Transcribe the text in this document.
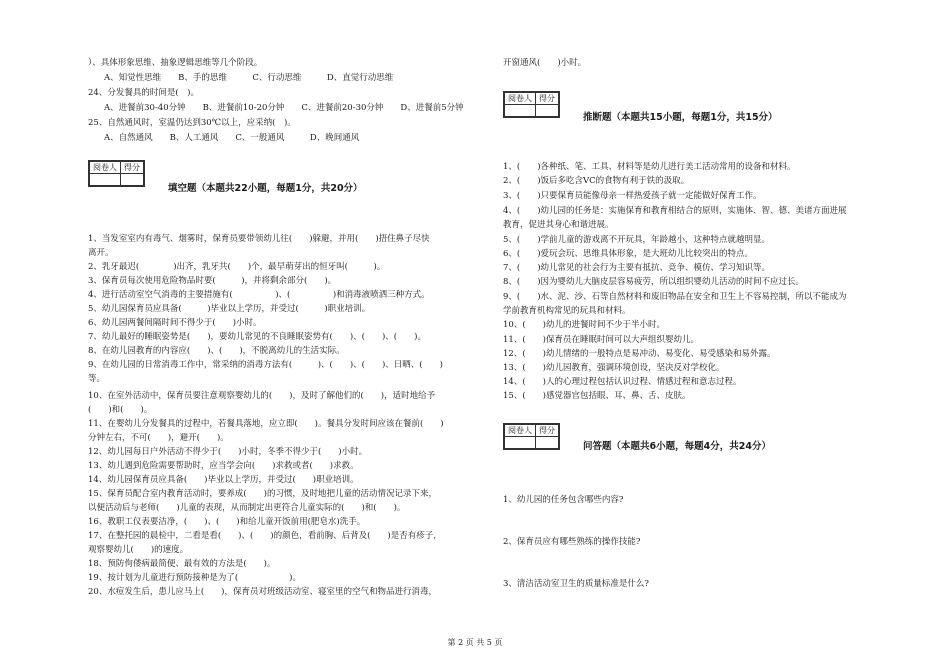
）、具体形象思维、抽象逻辑思维等几个阶段。
A、知觉性思维　　B、手的思维　　　C、行动思维　　　D、直觉行动思维
24、分发餐具的时间是(　)。
A、进餐前30-40分钟　　B、进餐前10-20分钟　　C、进餐前20-30分钟　　D、进餐前5分钟
25、自然通风时，室温仍达到30℃以上，应采纳(　)。
A、自然通风　　B、人工通风　　C、一般通风　　　D、晚间通风
阅卷人	得分

填空题（本题共22小题，每题1分，共20分）
1、当发室室内有毒气、烟雾时，保育员要带领幼儿往(　　)躲避，并用(　　)捂住鼻子尽快
离开。
2、乳牙最迟(　　　　)出齐，乳牙共(　　)个，最早萌芽出的恒牙叫(　　　)。
3、保育员每次使用危险物品时要(　　　)，并将剩余部分(　　)。
4、进行活动室空气消毒的主要措施有(　　　　　)、(　　　　　)和消毒液喷洒三种方式。
5、幼儿园保育员应具备(　　　)毕业以上学历，并受过(　　　)职业培训。
6、幼儿园两餐间隔时间不得少于(　　)小时。
7、幼儿最好的睡眠姿势是(　　)，要幼儿常见的不良睡眠姿势有(　　)、(　　)、(　　)。
8、在幼儿园教育的内容应(　　)、(　　)，不脱离幼儿的生活实际。
9、在幼儿园的日常消毒工作中，常采纳的消毒方法有(　　　)、(　　)、(　　)、日晒、(　　)
等。
10、在室外活动中，保育员要注意观察婴幼儿的(　　)，及时了解他们的(　　)，适时地给予
(　　)和(　　)。
11、在婴幼儿分发餐具的过程中，若餐具落地，应立即(　　)。餐具分发时间应该在餐前(　　)
分钟左右，不可(　　)，避开(　　)。
12、幼儿园每日户外活动不得少于(　　)小时，冬季不得少于(　　)小时。
13、幼儿遇到危险需要帮助时，应当学会向(　　)求救或者(　　)求救。
14、幼儿园保育员应具备(　　)毕业以上学历，并受过(　　)职业培训。
15、保育员配合室内教育活动时，要养成(　　)的习惯，及时地把儿童的活动情况记录下来，
以便活动后与老师(　　)儿童的表现，从而制定出更符合儿童实际的(　　)和(　　)。
16、教职工仪表要洁净，(　　)、(　　)和给儿童开饭前用(肥皂水)洗手。
17、在整托园的晨检中，二看是看(　　)、(　　)的颜色，看前胸、后背及(　　)是否有疹子，
观察婴幼儿(　　)的速度。
18、预防佝偻病最简便、最有效的方法是(　　)。
19、按计划为儿童进行预防接种是为了(　　　　　　)。
20、水痘发生后，患儿应马上(　　)，保育员对班级活动室、寝室里的空气和物品进行消毒，
开窗通风(　　)小时。
阅卷人	得分

推断题（本题共15小题，每题1分，共15分）
1、(　　)各种纸、笔、工具、材料等是幼儿进行美工活动常用的设备和材料。
2、(　　)饭后多吃含VC的食物有利于铁的汲取。
3、(　　)只要保育员能像母亲一样热爱孩子就一定能做好保育工作。
4、(　　)幼儿园的任务是：实施保育和教育相结合的原则，实施体、智、德、美诸方面进展
教育，促进其身心和谐进展。
5、(　　)学前儿童的游戏离不开玩具，年龄越小，这种特点就越明显。
6、(　　)爱玩会玩、思维具体形象，是大班幼儿比较突出的特点。
7、(　　)幼儿常见的社会行为主要有抵抗、竞争、模仿、学习知识等。
8、(　　)因为婴幼儿大脑皮层容易疲劳，所以组织婴幼儿活动的时间不应过长。
9、(　　)水、泥、沙、石等自然材料和废旧物品在安全和卫生上不容易控制，所以不能成为
学前教育机构常见的玩具和材料。
10、(　　)幼儿的进餐时间不少于半小时。
11、(　　)保育员在睡眠时间可以大声组织婴幼儿。
12、(　　)幼儿情绪的一般特点是易冲动、易变化、易受感染和易外露。
13、(　　)幼儿园教育，强调环境创设，坚决反对学校化。
14、(　　)人的心理过程包括认识过程、情感过程和意志过程。
15、(　　)感觉器官包括眼、耳、鼻、舌、皮肤。
阅卷人	得分

问答题（本题共6小题，每题4分，共24分）
1、幼儿园的任务包含哪些内容?
2、保育员应有哪些熟练的操作技能?
3、清洁活动室卫生的质量标准是什么?
第 2 页 共 5 页
